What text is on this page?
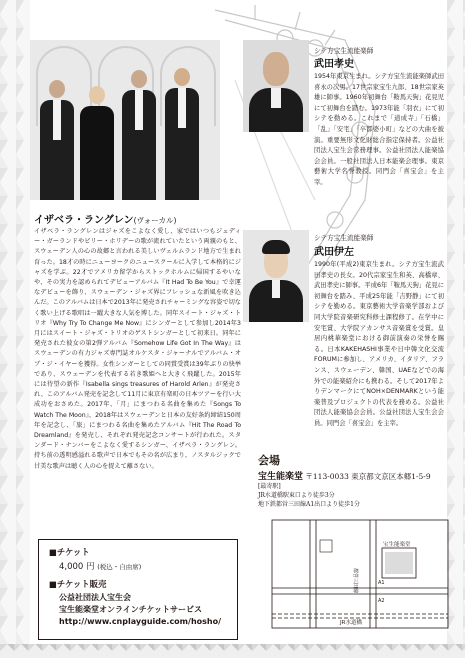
イザベラ・ラングレン(ヴォーカル)
イザベラ・ラングレンはジャズをこよなく愛し、家ではいつもジュディー・ガーランドやビリー・ホリデーの歌が流れていたという両親のもと、スウェーデン人の心の故郷と言われる美しいヴェルムランド地方で生まれ育った。18才の時にニューヨークのニュースクールに入学して本格的にジャズを学ぶ。22才でアメリカ留学からストックホルムに帰国するやいなや、その実力を認められてデビューアルバム『It Had To Be You』で幸運なデビューを飾り、スウェーデン・ジャズ界にフレッシュな新風を吹き込んだ。このアルバムは日本で2013年に発売されチャーミングな容姿で切なく歌い上げる歌唱は一躍大きな人気を博した。同年スイート・ジャズ・トリオ『Why Try To Change Me Now』にシンガーとして参加し2014年3月にはスイート・ジャズ・トリオのゲストシンガーとして初来日。同年に発売された彼女の第2弾アルバム『Somehow Life Got In The Way』はスウェーデンの有力ジャズ専門誌オルケスタ・ジャーナルでアルバム・オブ・ジ・イヤーを獲得。女性シンガーとしての同賞受賞は39年ぶりの快挙であり、スウェーデンを代表する若き歌姫へと大きく飛躍した。2015年には待望の新作『Isabella sings treasures of Harold Arlen』が発売され、このアルバム発売を記念して11月に東京有楽町の日本ツアーを行い大成功をおさめた。2017年、「月」にまつわる名曲を集めた『Songs To Watch The Moon』、2018年はスウェーデンと日本の友好条約締結150周年を記念し、「旅」にまつわる名曲を集めたアルバム『Hit The Road To Dreamland』を発売し、それぞれ発売記念コンサートが行われた。スタンダード・ナンバーをこよなく愛するシンガー、イザベラ・ラングレン。持ち前の透明感溢れる歌声で日本でもその名が広まり、ノスタルジックで甘美な歌声は聴く人の心を捉えて離さない。
シテ方宝生流能楽師
武田孝史
1954年東京生まれ。シテ方宝生流能楽師武田喜永の次男。17世宗家宝生九郎、18世宗家英雄に師事。1960年初舞台「鞍馬天狗」花見児にて初舞台を踏む。1973年能「羽衣」にて初シテを勤める。これまで「道成寺」「石橋」「乱」「安宅」「卒都婆小町」などの大曲を披演。重要無形文化財総合指定保持者。公益社団法人宝生会常務理事。公益社団法人能楽協会会員。一般社団法人日本能楽会理事。東京藝術大学名誉教授。同門会「喜宝会」を主宰。
シテ方宝生流能楽師
武田伊左
1990年(平成2)東京生まれ。シテ方宝生流武田孝史の長女。20代宗家宝生和英、高橋章、武田孝史に師事。平成6年「鞍馬天狗」花見に初舞台を踏み、平成25年能「吉野静」にて初シテを勤める。東京藝術大学音楽学部および同大学院音楽研究科修士課程修了。在学中に安宅賞、大学院アカンサス音楽賞を受賞。皇居内桃華楽堂における御前演奏の栄誉を賜る。日本KAKEHASHI事業や日中韓文化交流FORUMに参加し、アメリカ、イタリア、フランス、スウェーデン、韓国、UAEなどでの海外での能楽紹介にも携わる。そして2017年よりデンマークにてNOH×DENMARKという能楽普及プロジェクトの代表を務める。公益社団法人能楽協会会員。公益社団法人宝生会会員。同門会「喜宝会」を主宰。
■チケット
4,000 円 (税込・自由席)
■チケット販売
公益社団法人宝生会
宝生能楽堂オンラインチケットサービス
http://www.cnplayguide.com/hosho/
会場
宝生能楽堂 〒113-0033 東京都文京区本郷1-5-9
[最寄駅]
JR水道橋駅東口より徒歩3分
地下鉄都営三田線A1出口より徒歩1分
JR水道橋
宝生能楽堂
都営三田線	A1
A2
